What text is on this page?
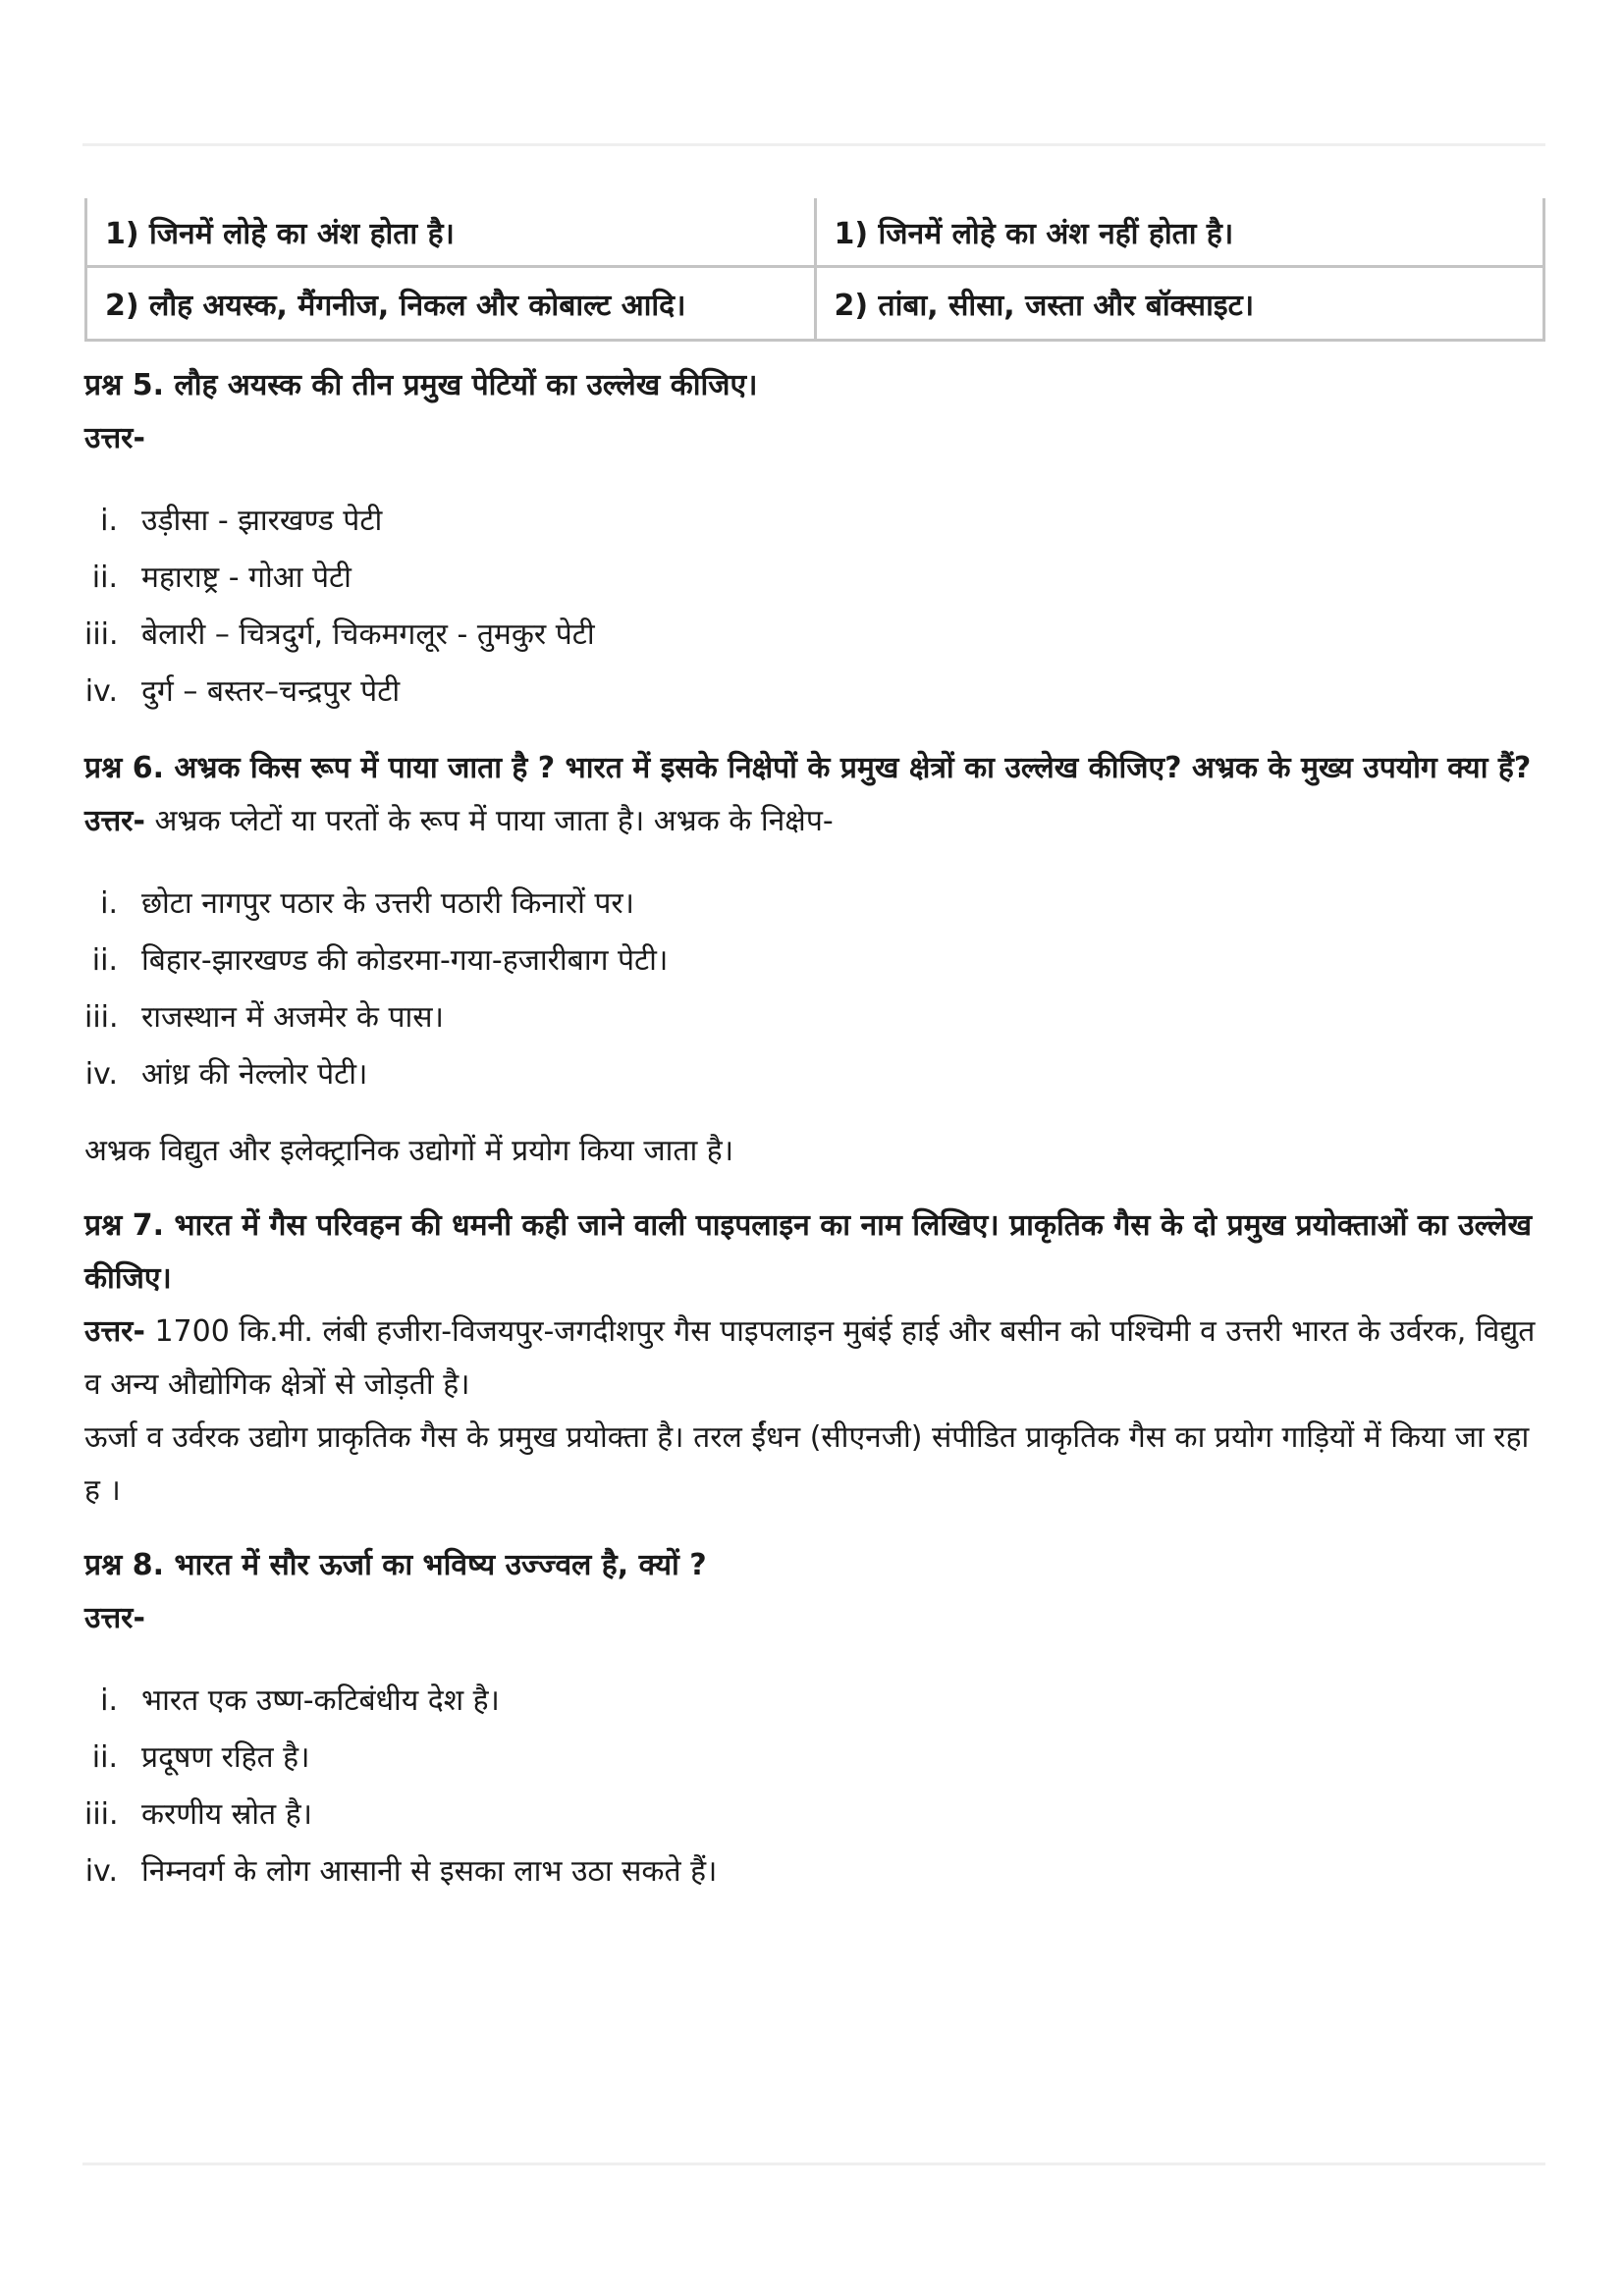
1) जिनमें लोहे का अंश होता है।	1) जिनमें लोहे का अंश नहीं होता है।
2) लौह अयस्क, मैंगनीज, निकल और कोबाल्ट आदि।	2) तांबा, सीसा, जस्ता और बॉक्साइट।

प्रश्न 5. लौह अयस्क की तीन प्रमुख पेटियों का उल्लेख कीजिए।

उत्तर-

i. उड़ीसा - झारखण्ड पेटी
ii. महाराष्ट्र - गोआ पेटी
iii. बेलारी – चित्रदुर्ग, चिकमगलूर - तुमकुर पेटी
iv. दुर्ग – बस्तर–चन्द्रपुर पेटी

प्रश्न 6. अभ्रक किस रूप में पाया जाता है ? भारत में इसके निक्षेपों के प्रमुख क्षेत्रों का उल्लेख कीजिए? अभ्रक के मुख्य उपयोग क्या हैं?

उत्तर- अभ्रक प्लेटों या परतों के रूप में पाया जाता है। अभ्रक के निक्षेप-

i. छोटा नागपुर पठार के उत्तरी पठारी किनारों पर।
ii. बिहार-झारखण्ड की कोडरमा-गया-हजारीबाग पेटी।
iii. राजस्थान में अजमेर के पास।
iv. आंध्र की नेल्लोर पेटी।

अभ्रक विद्युत और इलेक्ट्रानिक उद्योगों में प्रयोग किया जाता है।

प्रश्न 7. भारत में गैस परिवहन की धमनी कही जाने वाली पाइपलाइन का नाम लिखिए। प्राकृतिक गैस के दो प्रमुख प्रयोक्ताओं का उल्लेख कीजिए।

उत्तर- 1700 कि.मी. लंबी हजीरा-विजयपुर-जगदीशपुर गैस पाइपलाइन मुबंई हाई और बसीन को पश्चिमी व उत्तरी भारत के उर्वरक, विद्युत व अन्य औद्योगिक क्षेत्रों से जोड़ती है।

ऊर्जा व उर्वरक उद्योग प्राकृतिक गैस के प्रमुख प्रयोक्ता है। तरल ईंधन (सीएनजी) संपीडित प्राकृतिक गैस का प्रयोग गाड़ियों में किया जा रहा ह ।

प्रश्न 8. भारत में सौर ऊर्जा का भविष्य उज्ज्वल है, क्यों ?

उत्तर-

i. भारत एक उष्ण-कटिबंधीय देश है।
ii. प्रदूषण रहित है।
iii. करणीय स्रोत है।
iv. निम्नवर्ग के लोग आसानी से इसका लाभ उठा सकते हैं।
